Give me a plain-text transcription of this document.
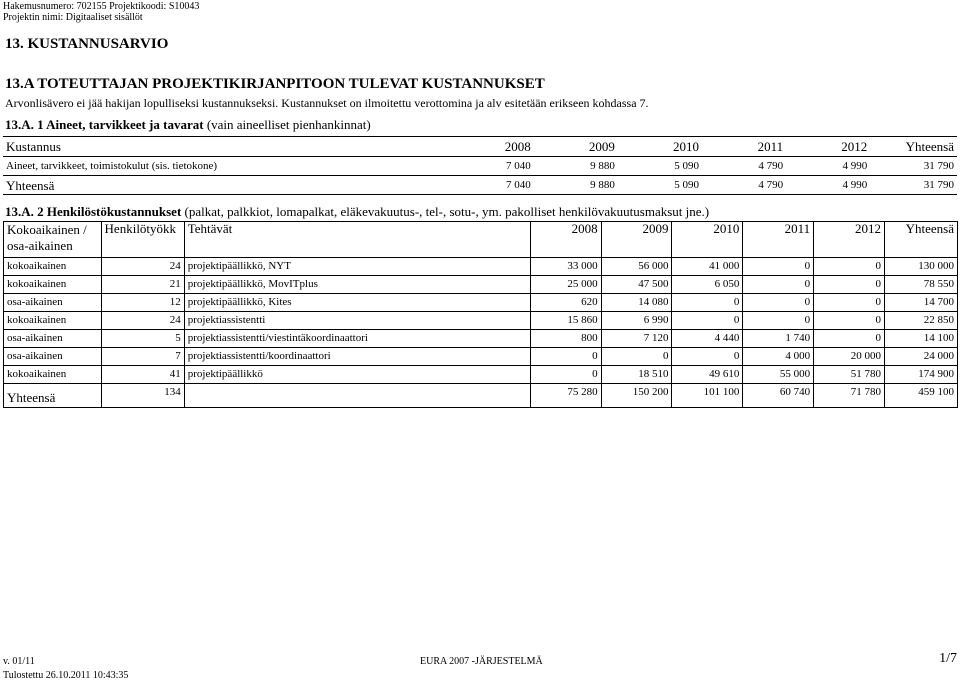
Hakemusnumero: 702155 Projektikoodi: S10043
Projektin nimi: Digitaaliset sisällöt
13. KUSTANNUSARVIO
13.A TOTEUTTAJAN PROJEKTIKIRJANPITOON TULEVAT KUSTANNUKSET
Arvonlisävero ei jää hakijan lopulliseksi kustannukseksi. Kustannukset on ilmoitettu verottomina ja alv esitetään erikseen kohdassa 7.
13.A. 1 Aineet, tarvikkeet ja tavarat (vain aineelliset pienhankinnat)
Kustannus	2008	2009	2010	2011	2012	Yhteensä
Aineet, tarvikkeet, toimistokulut (sis. tietokone)	7 040	9 880	5 090	4 790	4 990	31 790
Yhteensä	7 040	9 880	5 090	4 790	4 990	31 790
13.A. 2 Henkilöstökustannukset (palkat, palkkiot, lomapalkat, eläkevakuutus-, tel-, sotu-, ym. pakolliset henkilövakuutusmaksut jne.)
Kokoaikainen / osa-aikainen	Henkilötyökk	Tehtävät	2008	2009	2010	2011	2012	Yhteensä
kokoaikainen	24	projektipäällikkö, NYT	33 000	56 000	41 000	0	0	130 000
kokoaikainen	21	projektipäällikkö, MovITplus	25 000	47 500	6 050	0	0	78 550
osa-aikainen	12	projektipäällikkö, Kites	620	14 080	0	0	0	14 700
kokoaikainen	24	projektiassistentti	15 860	6 990	0	0	0	22 850
osa-aikainen	5	projektiassistentti/viestintäkoordinaattori	800	7 120	4 440	1 740	0	14 100
osa-aikainen	7	projektiassistentti/koordinaattori	0	0	0	4 000	20 000	24 000
kokoaikainen	41	projektipäällikkö	0	18 510	49 610	55 000	51 780	174 900
Yhteensä	134		75 280	150 200	101 100	60 740	71 780	459 100
v. 01/11	EURA 2007 -JÄRJESTELMÄ	1/7
Tulostettu 26.10.2011 10:43:35
